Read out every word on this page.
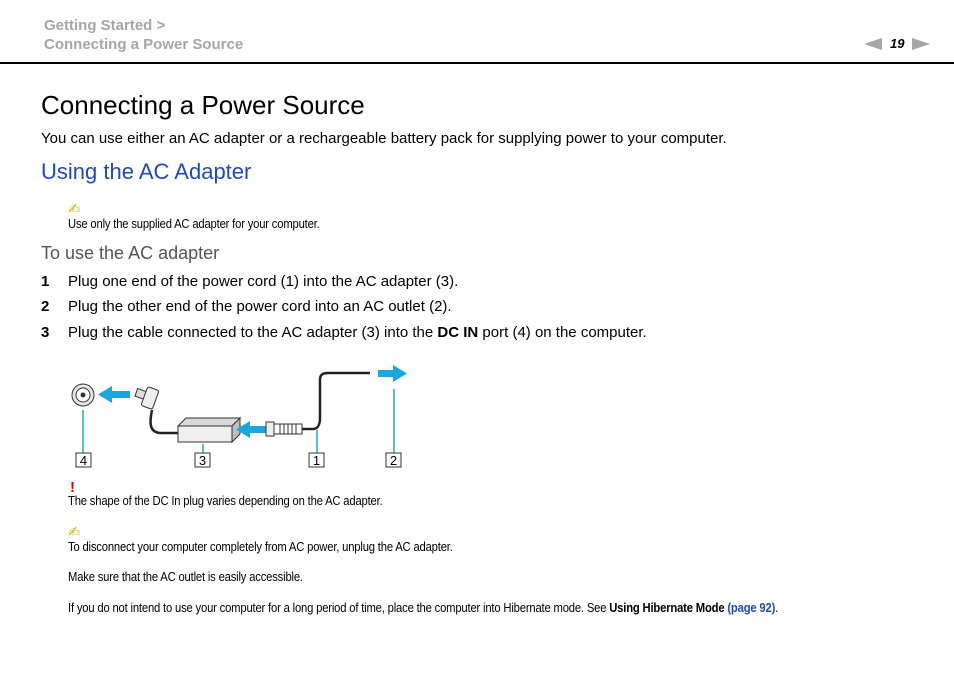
Getting Started >
Connecting a Power Source	19
Connecting a Power Source
You can use either an AC adapter or a rechargeable battery pack for supplying power to your computer.
Using the AC Adapter
✍
Use only the supplied AC adapter for your computer.
To use the AC adapter
1	Plug one end of the power cord (1) into the AC adapter (3).
2	Plug the other end of the power cord into an AC outlet (2).
3	Plug the cable connected to the AC adapter (3) into the DC IN port (4) on the computer.
4	3	1	2
!
The shape of the DC In plug varies depending on the AC adapter.
✍
To disconnect your computer completely from AC power, unplug the AC adapter.
Make sure that the AC outlet is easily accessible.
If you do not intend to use your computer for a long period of time, place the computer into Hibernate mode. See Using Hibernate Mode (page 92).
